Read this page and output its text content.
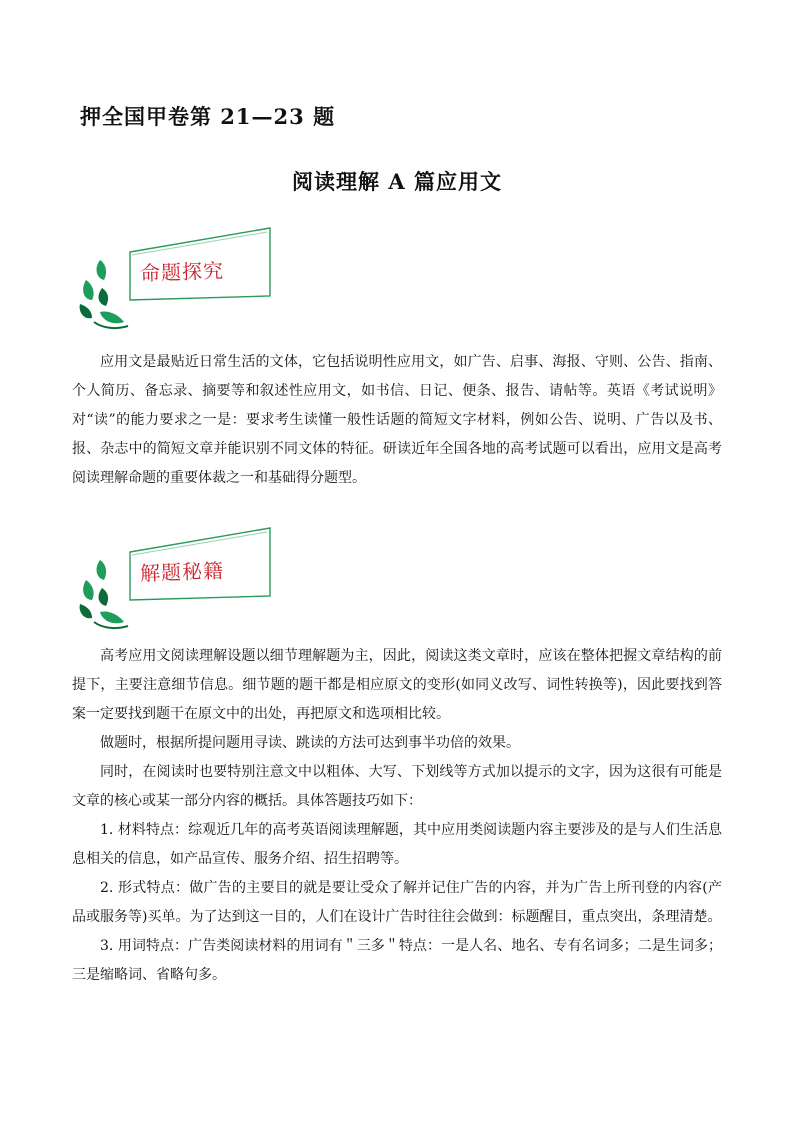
押全国甲卷第 21—23 题
阅读理解 A 篇应用文
命题探究

应用文是最贴近日常生活的文体，它包括说明性应用文，如广告、启事、海报、守则、公告、指南、个人简历、备忘录、摘要等和叙述性应用文，如书信、日记、便条、报告、请帖等。英语《考试说明》对“读”的能力要求之一是：要求考生读懂一般性话题的简短文字材料，例如公告、说明、广告以及书、报、杂志中的简短文章并能识别不同文体的特征。研读近年全国各地的高考试题可以看出，应用文是高考阅读理解命题的重要体裁之一和基础得分题型。

解题秘籍

高考应用文阅读理解设题以细节理解题为主，因此，阅读这类文章时，应该在整体把握文章结构的前提下，主要注意细节信息。细节题的题干都是相应原文的变形(如同义改写、词性转换等)，因此要找到答案一定要找到题干在原文中的出处，再把原文和选项相比较。

做题时，根据所提问题用寻读、跳读的方法可达到事半功倍的效果。

同时，在阅读时也要特别注意文中以粗体、大写、下划线等方式加以提示的文字，因为这很有可能是文章的核心或某一部分内容的概括。具体答题技巧如下：

1. 材料特点：综观近几年的高考英语阅读理解题，其中应用类阅读题内容主要涉及的是与人们生活息息相关的信息，如产品宣传、服务介绍、招生招聘等。

2. 形式特点：做广告的主要目的就是要让受众了解并记住广告的内容，并为广告上所刊登的内容(产品或服务等)买单。为了达到这一目的，人们在设计广告时往往会做到：标题醒目，重点突出，条理清楚。

3. 用词特点：广告类阅读材料的用词有＂三多＂特点：一是人名、地名、专有名词多；二是生词多；三是缩略词、省略句多。
